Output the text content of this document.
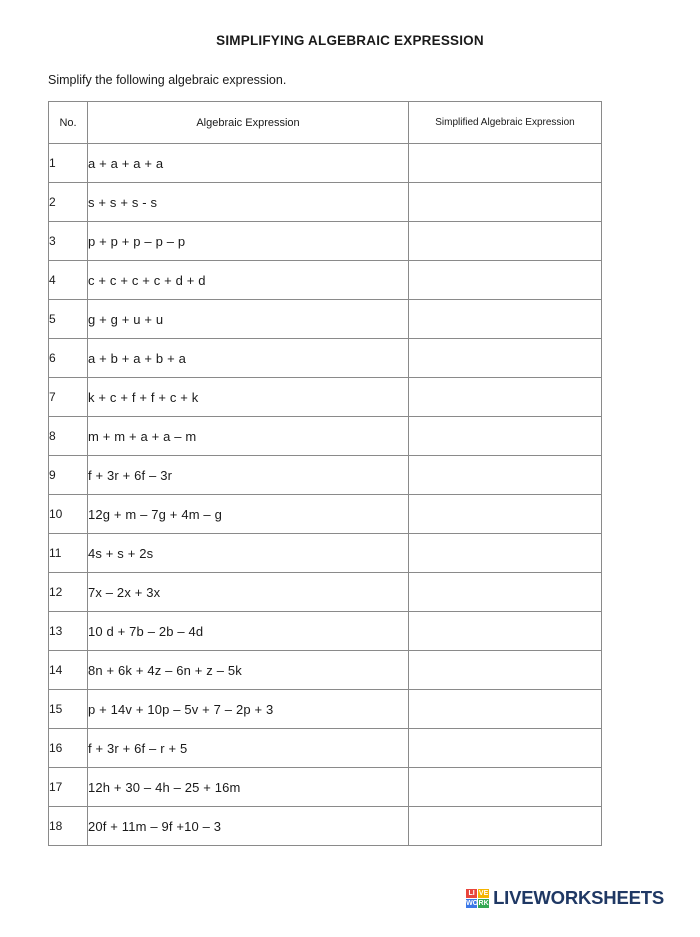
SIMPLIFYING ALGEBRAIC EXPRESSION
Simplify the following algebraic expression.
No.	Algebraic Expression	Simplified Algebraic Expression
1	a + a + a + a	
2	s + s + s - s	
3	p + p + p – p – p	
4	c + c + c + c + d + d	
5	g + g + u + u	
6	a + b + a + b + a	
7	k + c + f + f + c + k	
8	m + m + a + a – m	
9	f + 3r + 6f – 3r	
10	12g + m – 7g + 4m – g	
11	4s + s + 2s	
12	7x – 2x + 3x	
13	10 d + 7b – 2b – 4d	
14	8n + 6k + 4z – 6n + z – 5k	
15	p + 14v + 10p – 5v + 7 – 2p + 3	
16	f + 3r + 6f – r + 5	
17	12h + 30 – 4h – 25 + 16m	
18	20f + 11m – 9f +10 – 3	
LI VE
WO RK LIVEWORKSHEETS
